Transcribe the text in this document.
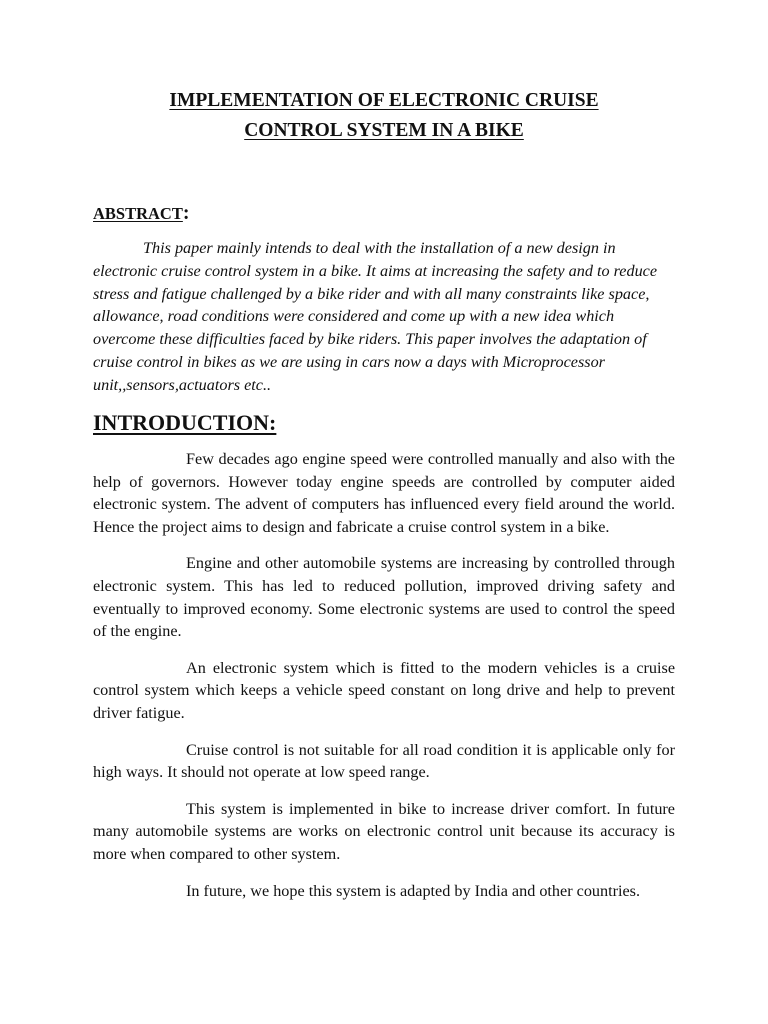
IMPLEMENTATION OF ELECTRONIC CRUISE
CONTROL SYSTEM IN A BIKE
ABSTRACT:

This paper mainly intends to deal with the installation of a new design in electronic cruise control system in a bike. It aims at increasing the safety and to reduce stress and fatigue challenged by a bike rider and with all many constraints like space, allowance, road conditions were considered and come up with a new idea which overcome these difficulties faced by bike riders. This paper involves the adaptation of cruise control in bikes as we are using in cars now a days with Microprocessor unit,,sensors,actuators etc..

INTRODUCTION:

Few decades ago engine speed were controlled manually and also with the help of governors. However today engine speeds are controlled by computer aided electronic system. The advent of computers has influenced every field around the world. Hence the project aims to design and fabricate a cruise control system in a bike.

Engine and other automobile systems are increasing by controlled through electronic system. This has led to reduced pollution, improved driving safety and eventually to improved economy. Some electronic systems are used to control the speed of the engine.

An electronic system which is fitted to the modern vehicles is a cruise control system which keeps a vehicle speed constant on long drive and help to prevent driver fatigue.

Cruise control is not suitable for all road condition it is applicable only for high ways. It should not operate at low speed range.

This system is implemented in bike to increase driver comfort. In future many automobile systems are works on electronic control unit because its accuracy is more when compared to other system.

In future, we hope this system is adapted by India and other countries.
